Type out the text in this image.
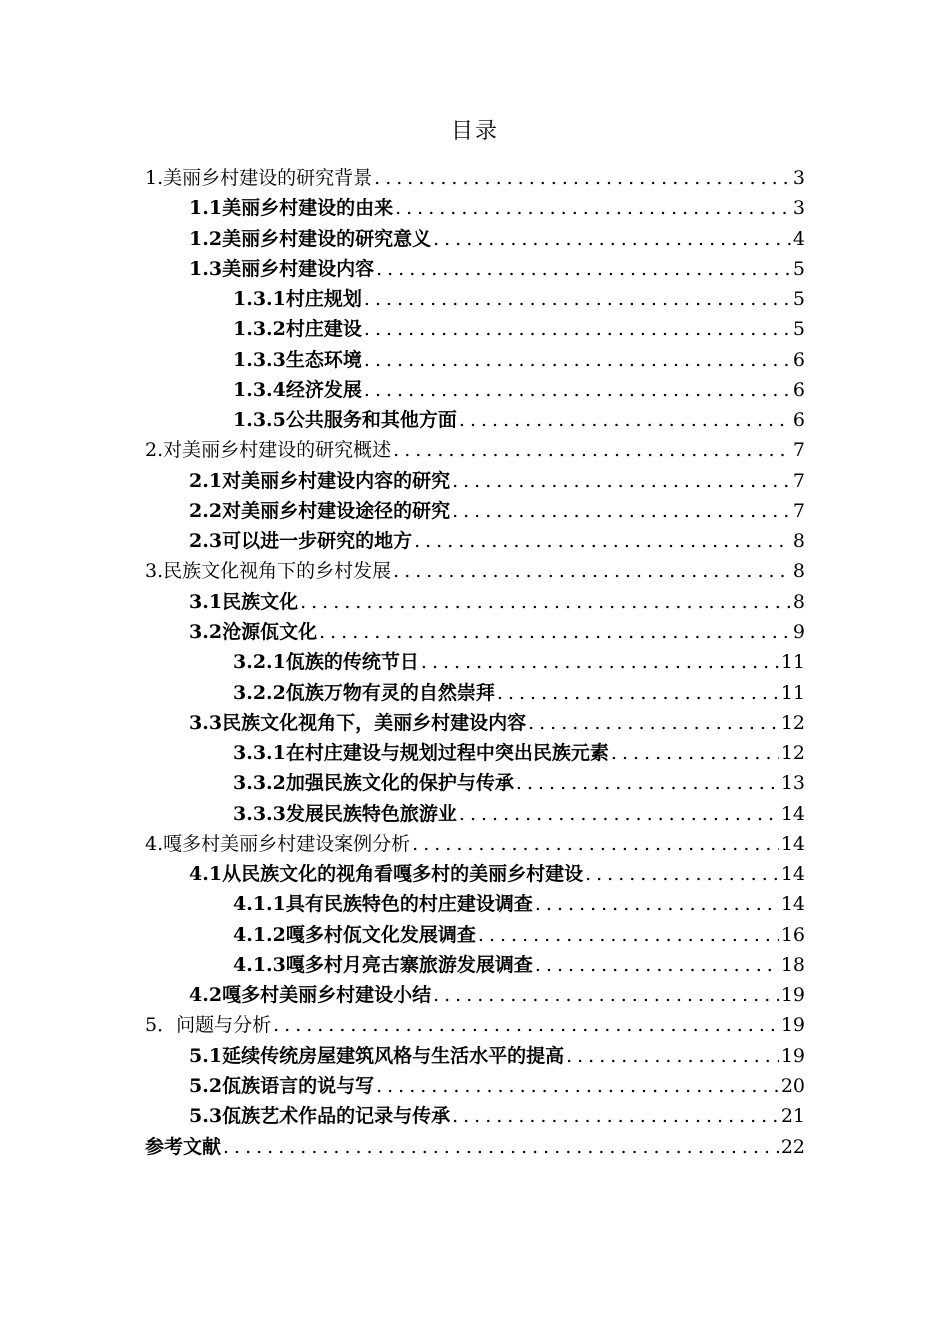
目录
1. 美丽乡村建设的研究背景 .....	3
1.1 美丽乡村建设的由来 .....	3
1.2 美丽乡村建设的研究意义 .....	4
1.3 美丽乡村建设内容 .....	5
1.3.1 村庄规划 .....	5
1.3.2 村庄建设 .....	5
1.3.3 生态环境 .....	6
1.3.4 经济发展 .....	6
1.3.5 公共服务和其他方面 .....	6
2. 对美丽乡村建设的研究概述 .....	7
2.1 对美丽乡村建设内容的研究 .....	7
2.2 对美丽乡村建设途径的研究 .....	7
2.3 可以进一步研究的地方 .....	8
3. 民族文化视角下的乡村发展 .....	8
3.1 民族文化 .....	8
3.2 沧源佤文化 .....	9
3.2.1 佤族的传统节日 .....	11
3.2.2 佤族万物有灵的自然崇拜 .....	11
3.3 民族文化视角下，美丽乡村建设内容 .....	12
3.3.1 在村庄建设与规划过程中突出民族元素 .....	12
3.3.2 加强民族文化的保护与传承 .....	13
3.3.3 发展民族特色旅游业 .....	14
4. 嘎多村美丽乡村建设案例分析 .....	14
4.1 从民族文化的视角看嘎多村的美丽乡村建设 .....	14
4.1.1 具有民族特色的村庄建设调查 .....	14
4.1.2 嘎多村佤文化发展调查 .....	16
4.1.3 嘎多村月亮古寨旅游发展调查 .....	18
4.2 嘎多村美丽乡村建设小结 .....	19
5． 问题与分析 .....	19
5.1 延续传统房屋建筑风格与生活水平的提高 .....	19
5.2 佤族语言的说与写 .....	20
5.3 佤族艺术作品的记录与传承 .....	21
参考文献 .....	22
